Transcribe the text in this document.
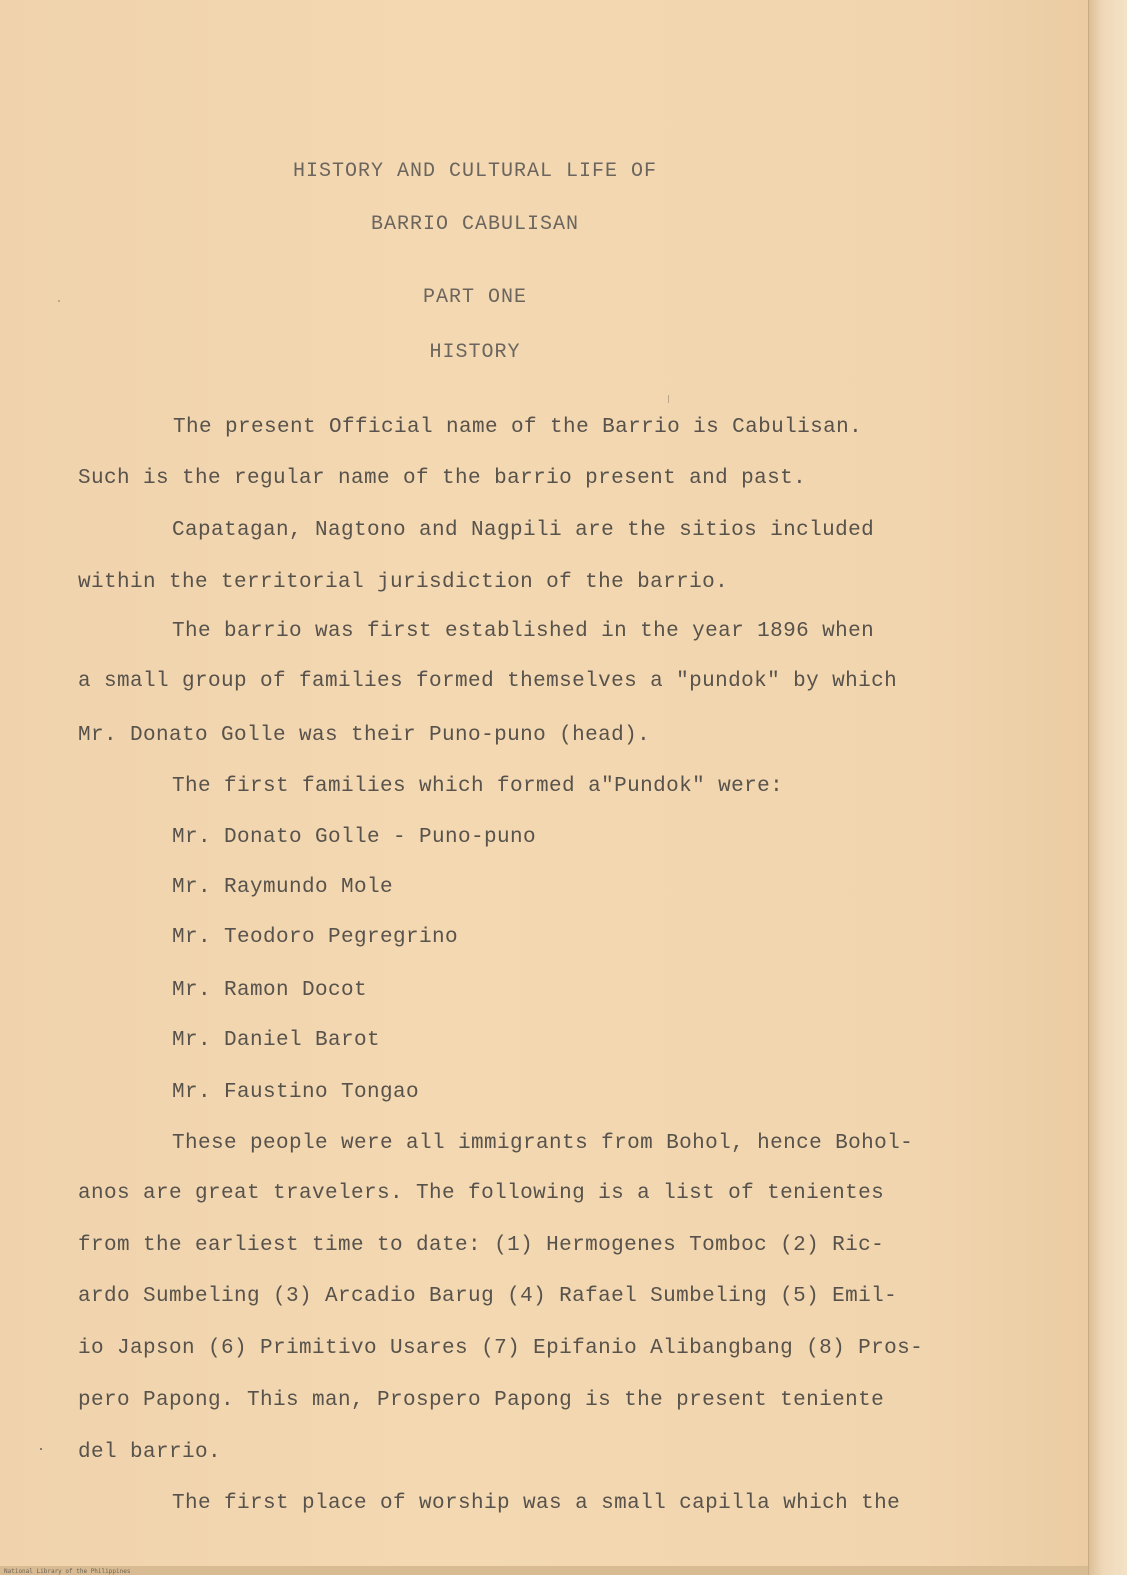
HISTORY AND CULTURAL LIFE OF
BARRIO CABULISAN
PART ONE
HISTORY
The present Official name of the Barrio is Cabulisan.
Such is the regular name of the barrio present and past.
Capatagan, Nagtono and Nagpili are the sitios included
within the territorial jurisdiction of the barrio.
The barrio was first established in the year 1896 when
a small group of families formed themselves a "pundok" by which
Mr. Donato Golle was their Puno-puno (head).
The first families which formed a"Pundok" were:
Mr. Donato Golle - Puno-puno
Mr. Raymundo Mole
Mr. Teodoro Pegregrino
Mr. Ramon Docot
Mr. Daniel Barot
Mr. Faustino Tongao
These people were all immigrants from Bohol, hence Bohol-
anos are great travelers. The following is a list of tenientes
from the earliest time to date: (1) Hermogenes Tomboc (2) Ric-
ardo Sumbeling (3) Arcadio Barug (4) Rafael Sumbeling (5) Emil-
io Japson (6) Primitivo Usares (7) Epifanio Alibangbang (8) Pros-
pero Papong. This man, Prospero Papong is the present teniente
del barrio.
The first place of worship was a small capilla which the
National Library of the Philippines
